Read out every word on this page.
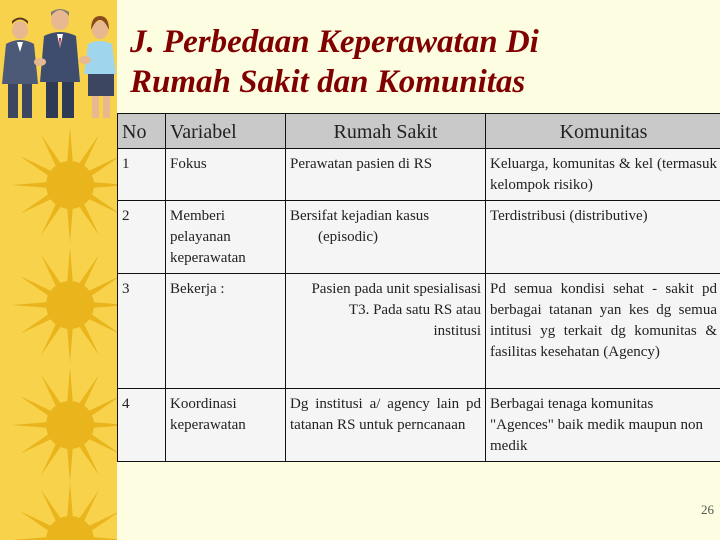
J. Perbedaan Keperawatan Di
Rumah Sakit dan Komunitas
No	Variabel	Rumah Sakit	Komunitas
1	Fokus	Perawatan pasien di RS	Keluarga, komunitas & kel (termasuk kelompok risiko)
2	Memberi pelayanan keperawatan	Bersifat kejadian kasus (episodic)	Terdistribusi (distributive)
3	Bekerja :	Pasien pada unit spesialisasi T3. Pada satu RS atau institusi	Pd semua kondisi sehat - sakit pd berbagai tatanan yan kes dg semua intitusi yg terkait dg komunitas & fasilitas kesehatan (Agency)
4	Koordinasi keperawatan	Dg institusi a/ agency lain pd tatanan RS untuk perncanaan	Berbagai tenaga komunitas "Agences" baik medik maupun non medik
26
